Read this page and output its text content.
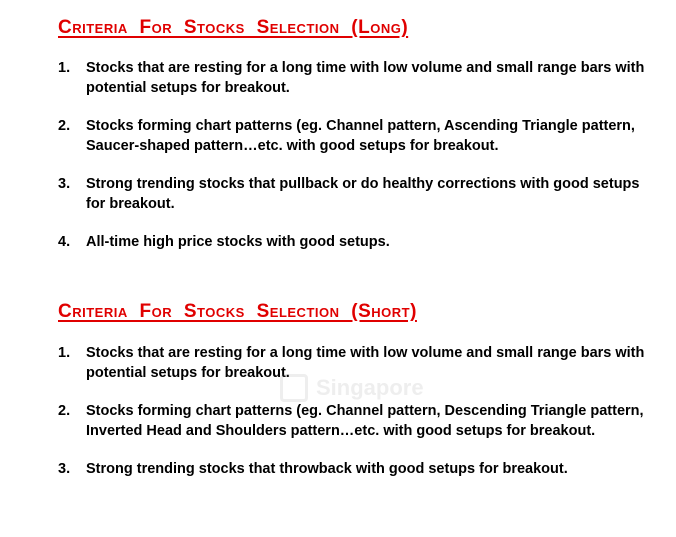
Criteria For Stocks Selection (Long)
1. Stocks that are resting for a long time with low volume and small range bars with potential setups for breakout.
2. Stocks forming chart patterns (eg. Channel pattern, Ascending Triangle pattern, Saucer-shaped pattern…etc. with good setups for breakout.
3. Strong trending stocks that pullback or do healthy corrections with good setups for breakout.
4. All-time high price stocks with good setups.
Criteria For Stocks Selection (Short)
1. Stocks that are resting for a long time with low volume and small range bars with potential setups for breakout.
2. Stocks forming chart patterns (eg. Channel pattern, Descending Triangle pattern, Inverted Head and Shoulders pattern…etc. with good setups for breakout.
3. Strong trending stocks that throwback with good setups for breakout.
Singapore
